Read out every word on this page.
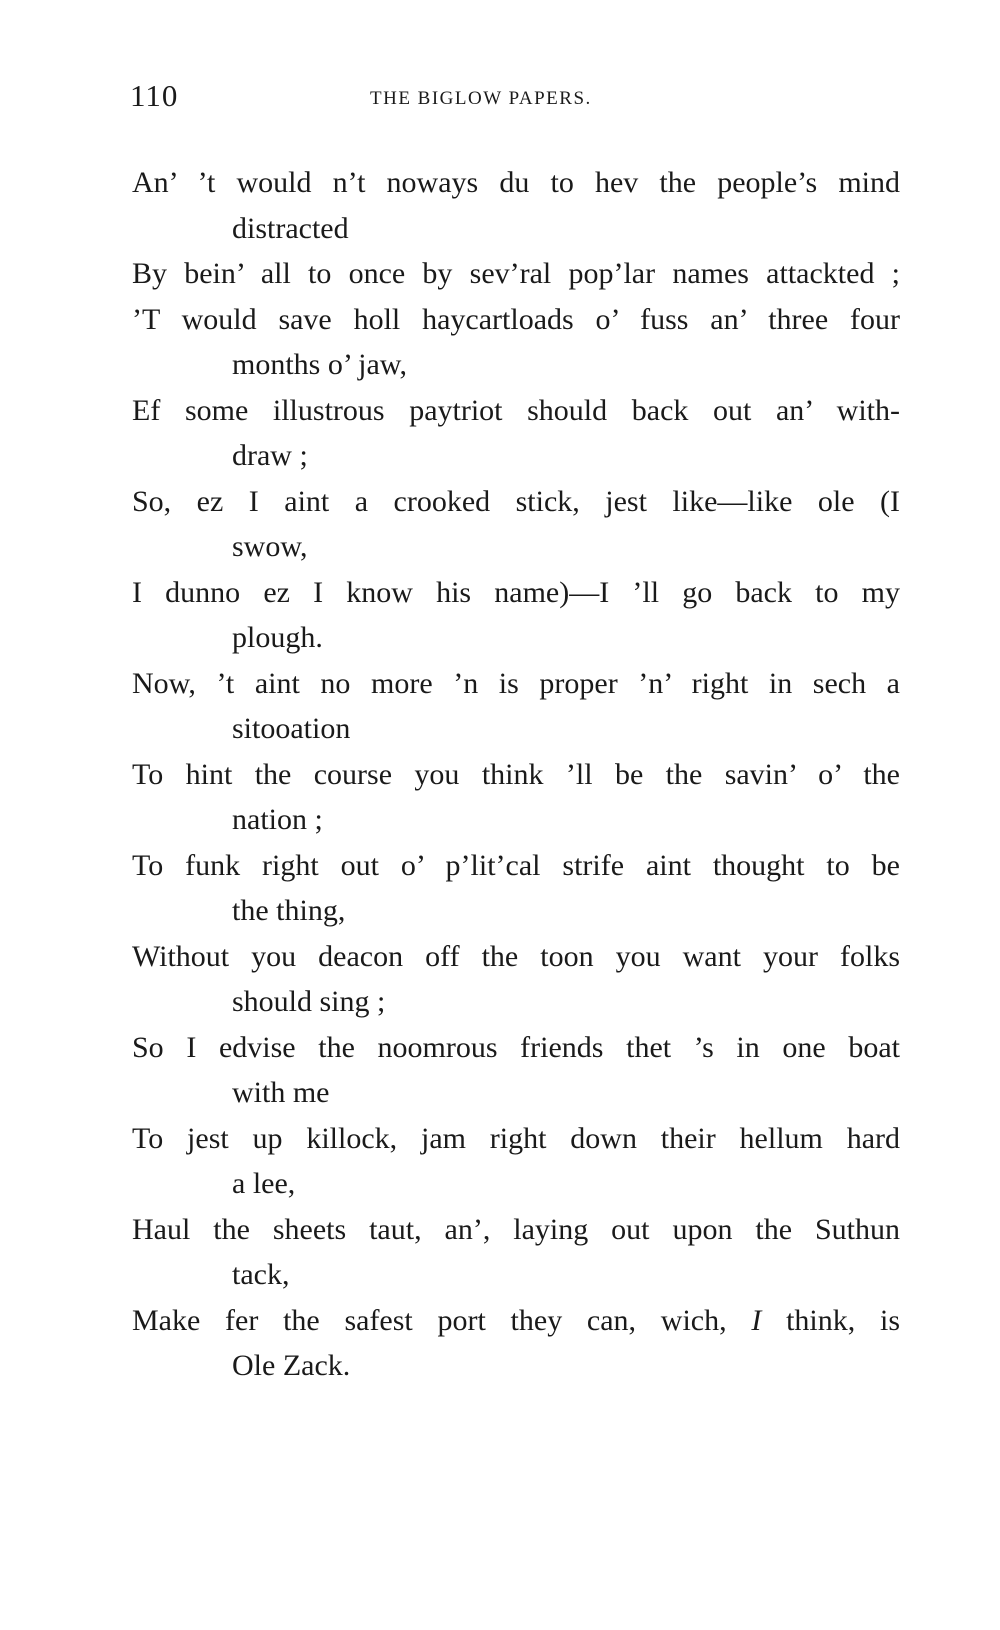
110	THE BIGLOW PAPERS.
An’ ’t would n’t noways du to hev the people’s mind
distracted
By bein’ all to once by sev’ral pop’lar names attackted ;
’T would save holl haycartloads o’ fuss an’ three four
months o’ jaw,
Ef some illustrous paytriot should back out an’ with-
draw ;
So, ez I aint a crooked stick, jest like—like ole (I
swow,
I dunno ez I know his name)—I ’ll go back to my
plough.
Now, ’t aint no more ’n is proper ’n’ right in sech a
sitooation
To hint the course you think ’ll be the savin’ o’ the
nation ;
To funk right out o’ p’lit’cal strife aint thought to be
the thing,
Without you deacon off the toon you want your folks
should sing ;
So I edvise the noomrous friends thet ’s in one boat
with me
To jest up killock, jam right down their hellum hard
a lee,
Haul the sheets taut, an’, laying out upon the Suthun
tack,
Make fer the safest port they can, wich, I think, is
Ole Zack.
